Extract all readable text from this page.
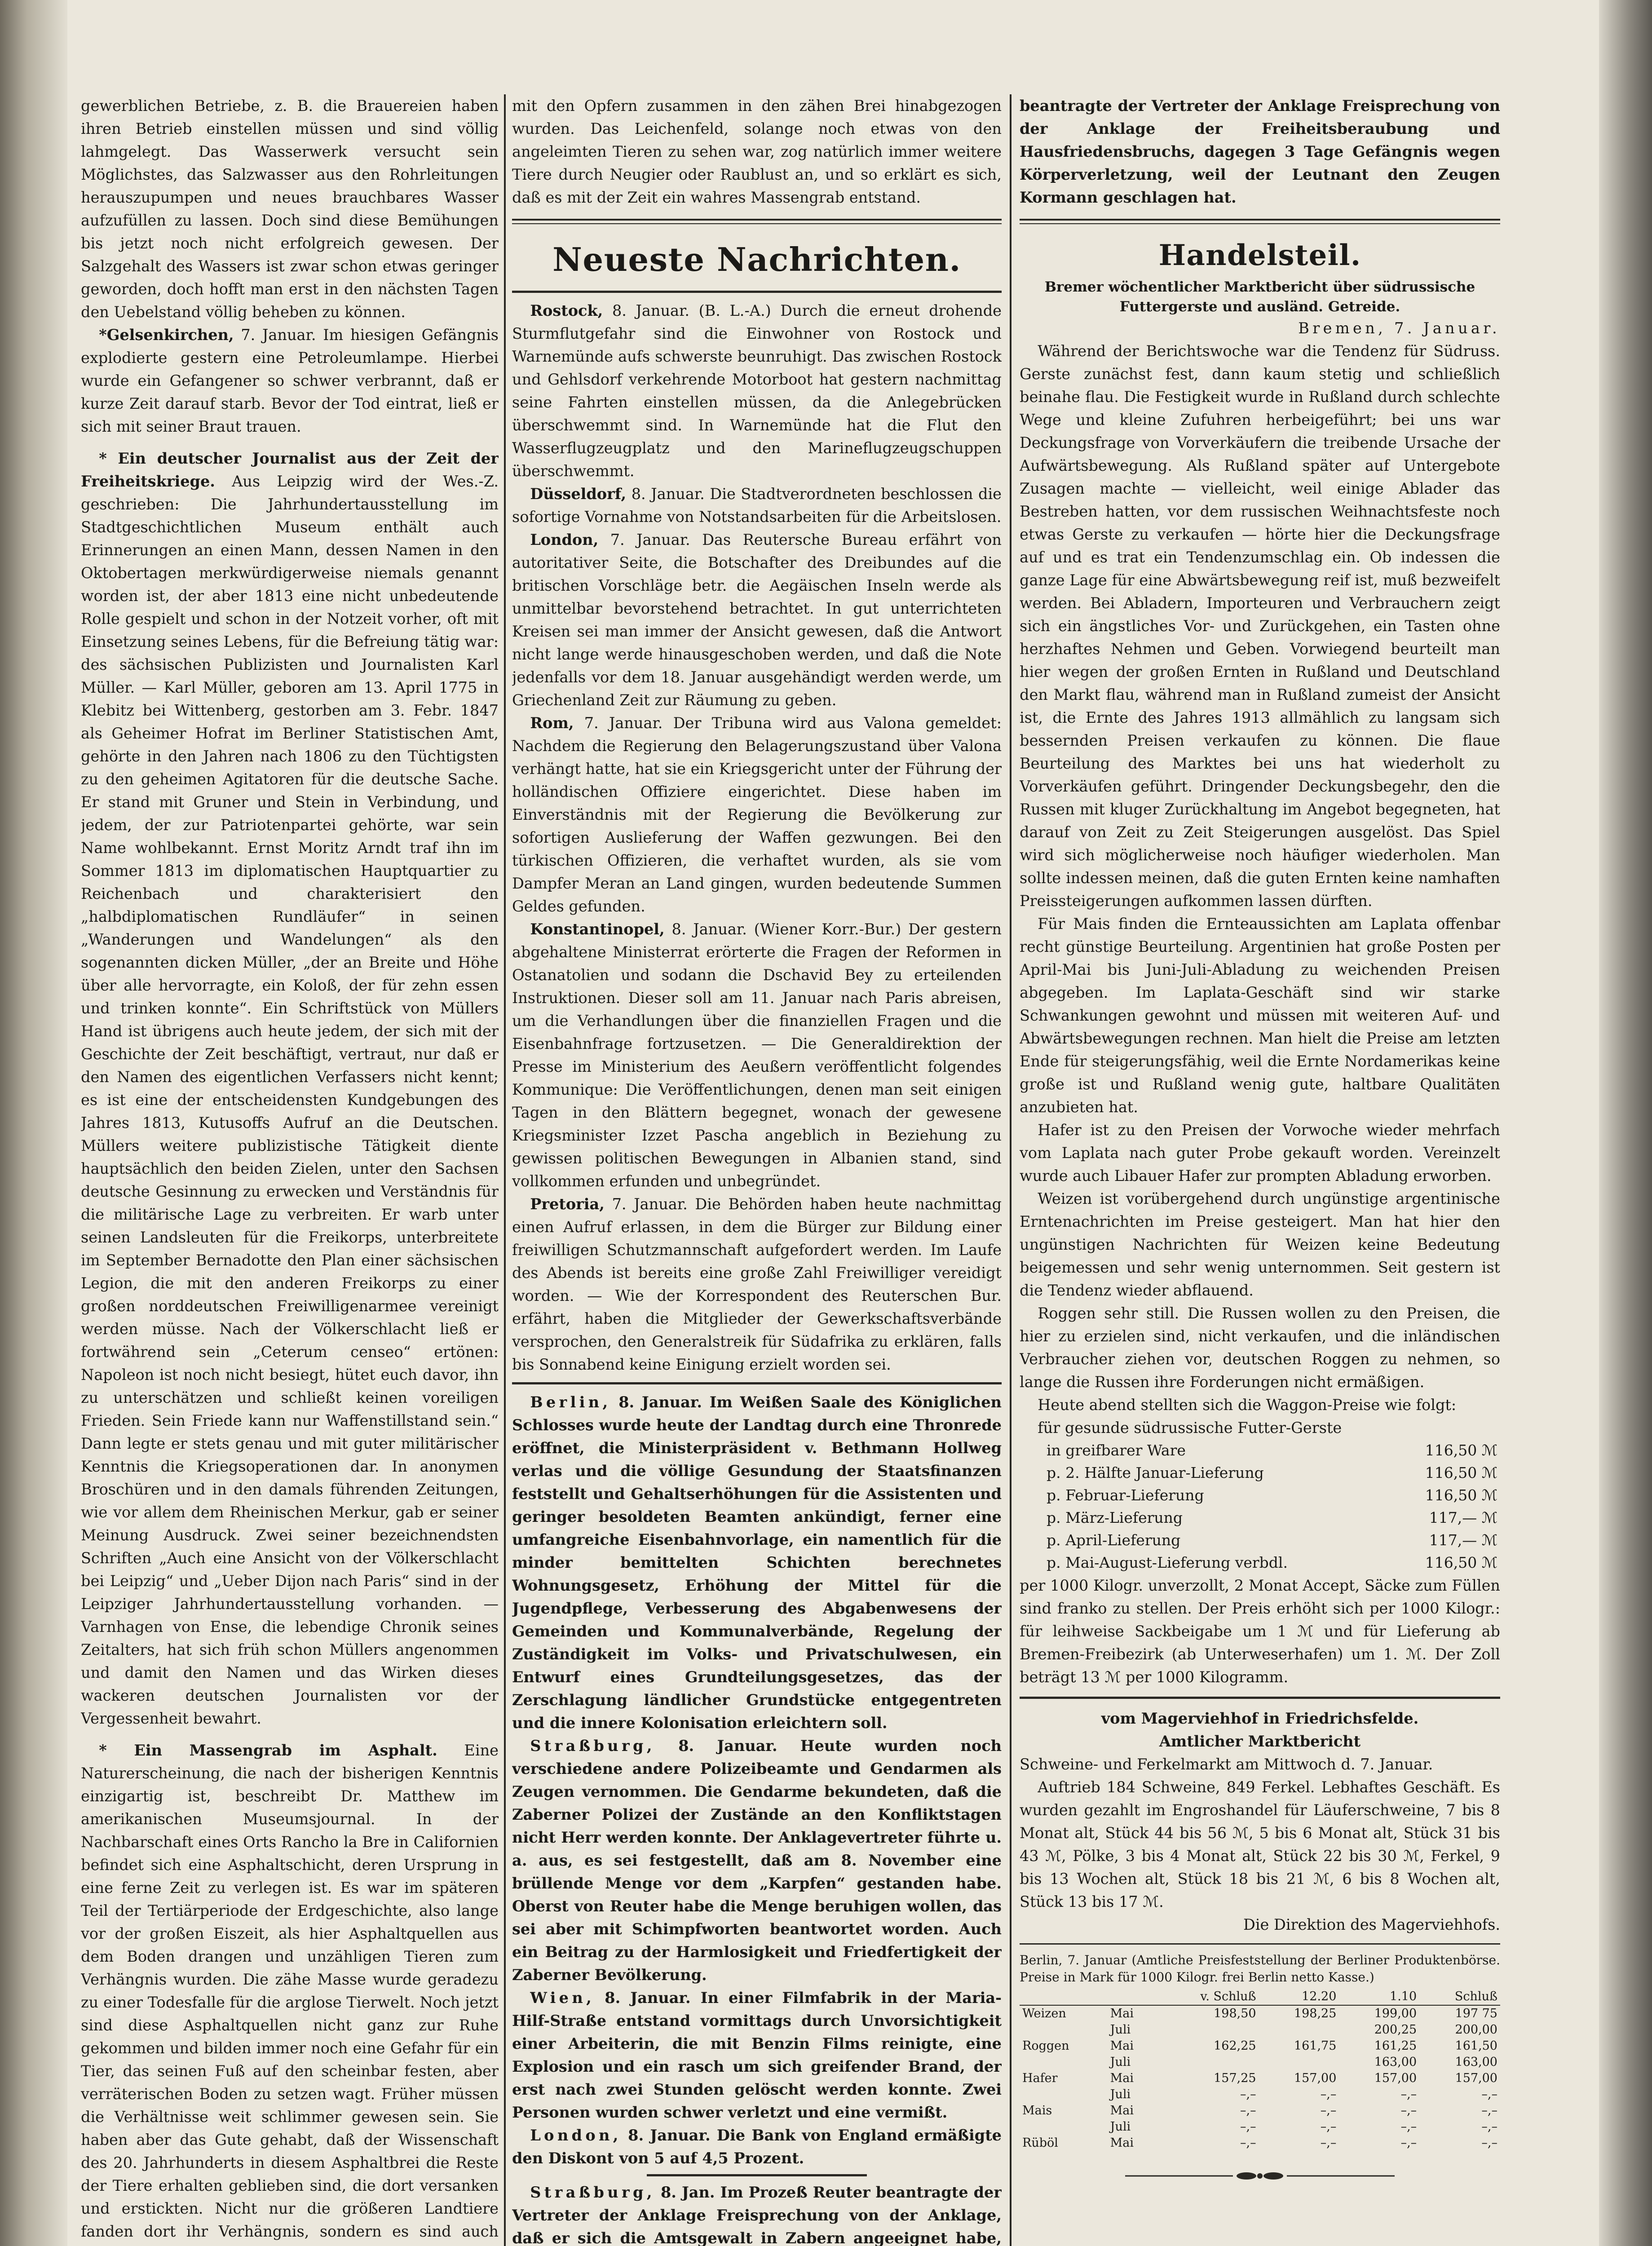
gewerblichen Betriebe, z. B. die Brauereien haben ihren Betrieb einstellen müssen und sind völlig lahmgelegt. Das Wasserwerk versucht sein Möglichstes, das Salzwasser aus den Rohrleitungen herauszupumpen und neues brauchbares Wasser aufzufüllen zu lassen. Doch sind diese Bemühungen bis jetzt noch nicht erfolgreich gewesen. Der Salzgehalt des Wassers ist zwar schon etwas geringer geworden, doch hofft man erst in den nächsten Tagen den Uebelstand völlig beheben zu können.

*Gelsenkirchen, 7. Januar. Im hiesigen Gefängnis explodierte gestern eine Petroleumlampe. Hierbei wurde ein Gefangener so schwer verbrannt, daß er kurze Zeit darauf starb. Bevor der Tod eintrat, ließ er sich mit seiner Braut trauen.

* Ein deutscher Journalist aus der Zeit der Freiheitskriege. Aus Leipzig wird der Wes.-Z. geschrieben: Die Jahrhundertausstellung im Stadtgeschichtlichen Museum enthält auch Erinnerungen an einen Mann, dessen Namen in den Oktobertagen merkwürdigerweise niemals genannt worden ist, der aber 1813 eine nicht unbedeutende Rolle gespielt und schon in der Notzeit vorher, oft mit Einsetzung seines Lebens, für die Befreiung tätig war: des sächsischen Publizisten und Journalisten Karl Müller. — Karl Müller, geboren am 13. April 1775 in Klebitz bei Wittenberg, gestorben am 3. Febr. 1847 als Geheimer Hofrat im Berliner Statistischen Amt, gehörte in den Jahren nach 1806 zu den Tüchtigsten zu den geheimen Agitatoren für die deutsche Sache. Er stand mit Gruner und Stein in Verbindung, und jedem, der zur Patriotenpartei gehörte, war sein Name wohlbekannt. Ernst Moritz Arndt traf ihn im Sommer 1813 im diplomatischen Hauptquartier zu Reichenbach und charakterisiert den „halbdiplomatischen Rundläufer“ in seinen „Wanderungen und Wandelungen“ als den sogenannten dicken Müller, „der an Breite und Höhe über alle hervorragte, ein Koloß, der für zehn essen und trinken konnte“. Ein Schriftstück von Müllers Hand ist übrigens auch heute jedem, der sich mit der Geschichte der Zeit beschäftigt, vertraut, nur daß er den Namen des eigentlichen Verfassers nicht kennt; es ist eine der entscheidensten Kundgebungen des Jahres 1813, Kutusoffs Aufruf an die Deutschen. Müllers weitere publizistische Tätigkeit diente hauptsächlich den beiden Zielen, unter den Sachsen deutsche Gesinnung zu erwecken und Verständnis für die militärische Lage zu verbreiten. Er warb unter seinen Landsleuten für die Freikorps, unterbreitete im September Bernadotte den Plan einer sächsischen Legion, die mit den anderen Freikorps zu einer großen norddeutschen Freiwilligenarmee vereinigt werden müsse. Nach der Völkerschlacht ließ er fortwährend sein „Ceterum censeo“ ertönen: Napoleon ist noch nicht besiegt, hütet euch davor, ihn zu unterschätzen und schließt keinen voreiligen Frieden. Sein Friede kann nur Waffenstillstand sein.“ Dann legte er stets genau und mit guter militärischer Kenntnis die Kriegsoperationen dar. In anonymen Broschüren und in den damals führenden Zeitungen, wie vor allem dem Rheinischen Merkur, gab er seiner Meinung Ausdruck. Zwei seiner bezeichnendsten Schriften „Auch eine Ansicht von der Völkerschlacht bei Leipzig“ und „Ueber Dijon nach Paris“ sind in der Leipziger Jahrhundertausstellung vorhanden. — Varnhagen von Ense, die lebendige Chronik seines Zeitalters, hat sich früh schon Müllers angenommen und damit den Namen und das Wirken dieses wackeren deutschen Journalisten vor der Vergessenheit bewahrt.

* Ein Massengrab im Asphalt. Eine Naturerscheinung, die nach der bisherigen Kenntnis einzigartig ist, beschreibt Dr. Matthew im amerikanischen Museumsjournal. In der Nachbarschaft eines Orts Rancho la Bre in Californien befindet sich eine Asphaltschicht, deren Ursprung in eine ferne Zeit zu verlegen ist. Es war im späteren Teil der Tertiärperiode der Erdgeschichte, also lange vor der großen Eiszeit, als hier Asphaltquellen aus dem Boden drangen und unzähligen Tieren zum Verhängnis wurden. Die zähe Masse wurde geradezu zu einer Todesfalle für die arglose Tierwelt. Noch jetzt sind diese Asphaltquellen nicht ganz zur Ruhe gekommen und bilden immer noch eine Gefahr für ein Tier, das seinen Fuß auf den scheinbar festen, aber verräterischen Boden zu setzen wagt. Früher müssen die Verhältnisse weit schlimmer gewesen sein. Sie haben aber das Gute gehabt, daß der Wissenschaft des 20. Jahrhunderts in diesem Asphaltbrei die Reste der Tiere erhalten geblieben sind, die dort versanken und erstickten. Nicht nur die größeren Landtiere fanden dort ihr Verhängnis, sondern es sind auch

mit den Opfern zusammen in den zähen Brei hinabgezogen wurden. Das Leichenfeld, solange noch etwas von den angeleimten Tieren zu sehen war, zog natürlich immer weitere Tiere durch Neugier oder Raublust an, und so erklärt es sich, daß es mit der Zeit ein wahres Massengrab entstand.

Neueste Nachrichten.

Rostock, 8. Januar. (B. L.-A.) Durch die erneut drohende Sturmflutgefahr sind die Einwohner von Rostock und Warnemünde aufs schwerste beunruhigt. Das zwischen Rostock und Gehlsdorf verkehrende Motorboot hat gestern nachmittag seine Fahrten einstellen müssen, da die Anlegebrücken überschwemmt sind. In Warnemünde hat die Flut den Wasserflugzeugplatz und den Marineflugzeugschuppen überschwemmt.

Düsseldorf, 8. Januar. Die Stadtverordneten beschlossen die sofortige Vornahme von Notstandsarbeiten für die Arbeitslosen.

London, 7. Januar. Das Reutersche Bureau erfährt von autoritativer Seite, die Botschafter des Dreibundes auf die britischen Vorschläge betr. die Aegäischen Inseln werde als unmittelbar bevorstehend betrachtet. In gut unterrichteten Kreisen sei man immer der Ansicht gewesen, daß die Antwort nicht lange werde hinausgeschoben werden, und daß die Note jedenfalls vor dem 18. Januar ausgehändigt werden werde, um Griechenland Zeit zur Räumung zu geben.

Rom, 7. Januar. Der Tribuna wird aus Valona gemeldet: Nachdem die Regierung den Belagerungszustand über Valona verhängt hatte, hat sie ein Kriegsgericht unter der Führung der holländischen Offiziere eingerichtet. Diese haben im Einverständnis mit der Regierung die Bevölkerung zur sofortigen Auslieferung der Waffen gezwungen. Bei den türkischen Offizieren, die verhaftet wurden, als sie vom Dampfer Meran an Land gingen, wurden bedeutende Summen Geldes gefunden.

Konstantinopel, 8. Januar. (Wiener Korr.-Bur.) Der gestern abgehaltene Ministerrat erörterte die Fragen der Reformen in Ostanatolien und sodann die Dschavid Bey zu erteilenden Instruktionen. Dieser soll am 11. Januar nach Paris abreisen, um die Verhandlungen über die finanziellen Fragen und die Eisenbahnfrage fortzusetzen. — Die Generaldirektion der Presse im Ministerium des Aeußern veröffentlicht folgendes Kommunique: Die Veröffentlichungen, denen man seit einigen Tagen in den Blättern begegnet, wonach der gewesene Kriegsminister Izzet Pascha angeblich in Beziehung zu gewissen politischen Bewegungen in Albanien stand, sind vollkommen erfunden und unbegründet.

Pretoria, 7. Januar. Die Behörden haben heute nachmittag einen Aufruf erlassen, in dem die Bürger zur Bildung einer freiwilligen Schutzmannschaft aufgefordert werden. Im Laufe des Abends ist bereits eine große Zahl Freiwilliger vereidigt worden. — Wie der Korrespondent des Reuterschen Bur. erfährt, haben die Mitglieder der Gewerkschaftsverbände versprochen, den Generalstreik für Südafrika zu erklären, falls bis Sonnabend keine Einigung erzielt worden sei.

Berlin, 8. Januar. Im Weißen Saale des Königlichen Schlosses wurde heute der Landtag durch eine Thronrede eröffnet, die Ministerpräsident v. Bethmann Hollweg verlas und die völlige Gesundung der Staatsfinanzen feststellt und Gehaltserhöhungen für die Assistenten und geringer besoldeten Beamten ankündigt, ferner eine umfangreiche Eisenbahnvorlage, ein namentlich für die minder bemittelten Schichten berechnetes Wohnungsgesetz, Erhöhung der Mittel für die Jugendpflege, Verbesserung des Abgabenwesens der Gemeinden und Kommunalverbände, Regelung der Zuständigkeit im Volks- und Privatschulwesen, ein Entwurf eines Grundteilungsgesetzes, das der Zerschlagung ländlicher Grundstücke entgegentreten und die innere Kolonisation erleichtern soll.

Straßburg, 8. Januar. Heute wurden noch verschiedene andere Polizeibeamte und Gendarmen als Zeugen vernommen. Die Gendarme bekundeten, daß die Zaberner Polizei der Zustände an den Konfliktstagen nicht Herr werden konnte. Der Anklagevertreter führte u. a. aus, es sei festgestellt, daß am 8. November eine brüllende Menge vor dem „Karpfen“ gestanden habe. Oberst von Reuter habe die Menge beruhigen wollen, das sei aber mit Schimpfworten beantwortet worden. Auch ein Beitrag zu der Harmlosigkeit und Friedfertigkeit der Zaberner Bevölkerung.

Wien, 8. Januar. In einer Filmfabrik in der Maria-Hilf-Straße entstand vormittags durch Unvorsichtigkeit einer Arbeiterin, die mit Benzin Films reinigte, eine Explosion und ein rasch um sich greifender Brand, der erst nach zwei Stunden gelöscht werden konnte. Zwei Personen wurden schwer verletzt und eine vermißt.

London, 8. Januar. Die Bank von England ermäßigte den Diskont von 5 auf 4,5 Prozent.

Straßburg, 8. Jan. Im Prozeß Reuter beantragte der Vertreter der Anklage Freisprechung von der Anklage, daß er sich die Amtsgewalt in Zabern angeeignet habe,

beantragte der Vertreter der Anklage Freisprechung von der Anklage der Freiheitsberaubung und Hausfriedensbruchs, dagegen 3 Tage Gefängnis wegen Körperverletzung, weil der Leutnant den Zeugen Kormann geschlagen hat.

Handelsteil.

Bremer wöchentlicher Marktbericht über südrussische Futtergerste und ausländ. Getreide.

Bremen, 7. Januar.

Während der Berichtswoche war die Tendenz für Südruss. Gerste zunächst fest, dann kaum stetig und schließlich beinahe flau. Die Festigkeit wurde in Rußland durch schlechte Wege und kleine Zufuhren herbeigeführt; bei uns war Deckungsfrage von Vorverkäufern die treibende Ursache der Aufwärtsbewegung. Als Rußland später auf Untergebote Zusagen machte — vielleicht, weil einige Ablader das Bestreben hatten, vor dem russischen Weihnachtsfeste noch etwas Gerste zu verkaufen — hörte hier die Deckungsfrage auf und es trat ein Tendenzumschlag ein. Ob indessen die ganze Lage für eine Abwärtsbewegung reif ist, muß bezweifelt werden. Bei Abladern, Importeuren und Verbrauchern zeigt sich ein ängstliches Vor- und Zurückgehen, ein Tasten ohne herzhaftes Nehmen und Geben. Vorwiegend beurteilt man hier wegen der großen Ernten in Rußland und Deutschland den Markt flau, während man in Rußland zumeist der Ansicht ist, die Ernte des Jahres 1913 allmählich zu langsam sich bessernden Preisen verkaufen zu können. Die flaue Beurteilung des Marktes bei uns hat wiederholt zu Vorverkäufen geführt. Dringender Deckungsbegehr, den die Russen mit kluger Zurückhaltung im Angebot begegneten, hat darauf von Zeit zu Zeit Steigerungen ausgelöst. Das Spiel wird sich möglicherweise noch häufiger wiederholen. Man sollte indessen meinen, daß die guten Ernten keine namhaften Preissteigerungen aufkommen lassen dürften.

Für Mais finden die Ernteaussichten am Laplata offenbar recht günstige Beurteilung. Argentinien hat große Posten per April-Mai bis Juni-Juli-Abladung zu weichenden Preisen abgegeben. Im Laplata-Geschäft sind wir starke Schwankungen gewohnt und müssen mit weiteren Auf- und Abwärtsbewegungen rechnen. Man hielt die Preise am letzten Ende für steigerungsfähig, weil die Ernte Nordamerikas keine große ist und Rußland wenig gute, haltbare Qualitäten anzubieten hat.

Hafer ist zu den Preisen der Vorwoche wieder mehrfach vom Laplata nach guter Probe gekauft worden. Vereinzelt wurde auch Libauer Hafer zur prompten Abladung erworben.

Weizen ist vorübergehend durch ungünstige argentinische Erntenachrichten im Preise gesteigert. Man hat hier den ungünstigen Nachrichten für Weizen keine Bedeutung beigemessen und sehr wenig unternommen. Seit gestern ist die Tendenz wieder abflauend.

Roggen sehr still. Die Russen wollen zu den Preisen, die hier zu erzielen sind, nicht verkaufen, und die inländischen Verbraucher ziehen vor, deutschen Roggen zu nehmen, so lange die Russen ihre Forderungen nicht ermäßigen.

Heute abend stellten sich die Waggon-Preise wie folgt:

für gesunde südrussische Futter-Gerste

in greifbarer Ware	116,50 ℳ
p. 2. Hälfte Januar-Lieferung	116,50 ℳ
p. Februar-Lieferung	116,50 ℳ
p. März-Lieferung	117,— ℳ
p. April-Lieferung	117,— ℳ
p. Mai-August-Lieferung verbdl.	116,50 ℳ

per 1000 Kilogr. unverzollt, 2 Monat Accept, Säcke zum Füllen sind franko zu stellen. Der Preis erhöht sich per 1000 Kilogr.: für leihweise Sackbeigabe um 1 ℳ und für Lieferung ab Bremen-Freibezirk (ab Unterweserhafen) um 1. ℳ. Der Zoll beträgt 13 ℳ per 1000 Kilogramm.

vom Magerviehhof in Friedrichsfelde.

Amtlicher Marktbericht

Schweine- und Ferkelmarkt am Mittwoch d. 7. Januar.

Auftrieb 184 Schweine, 849 Ferkel. Lebhaftes Geschäft. Es wurden gezahlt im Engroshandel für Läuferschweine, 7 bis 8 Monat alt, Stück 44 bis 56 ℳ, 5 bis 6 Monat alt, Stück 31 bis 43 ℳ, Pölke, 3 bis 4 Monat alt, Stück 22 bis 30 ℳ, Ferkel, 9 bis 13 Wochen alt, Stück 18 bis 21 ℳ, 6 bis 8 Wochen alt, Stück 13 bis 17 ℳ.

Die Direktion des Magerviehhofs.

Berlin, 7. Januar (Amtliche Preisfeststellung der Berliner Produktenbörse. Preise in Mark für 1000 Kilogr. frei Berlin netto Kasse.)

		v. Schluß	12.20	1.10	Schluß
Weizen	Mai	198,50	198,25	199,00	197 75
	Juli			200,25	200,00
Roggen	Mai	162,25	161,75	161,25	161,50
	Juli			163,00	163,00
Hafer	Mai	157,25	157,00	157,00	157,00
	Juli	–,–	–,–	–,–	–,–
Mais	Mai	–,–	–,–	–,–	–,–
	Juli	–,–	–,–	–,–	–,–
Rüböl	Mai	–,–	–,–	–,–	–,–
